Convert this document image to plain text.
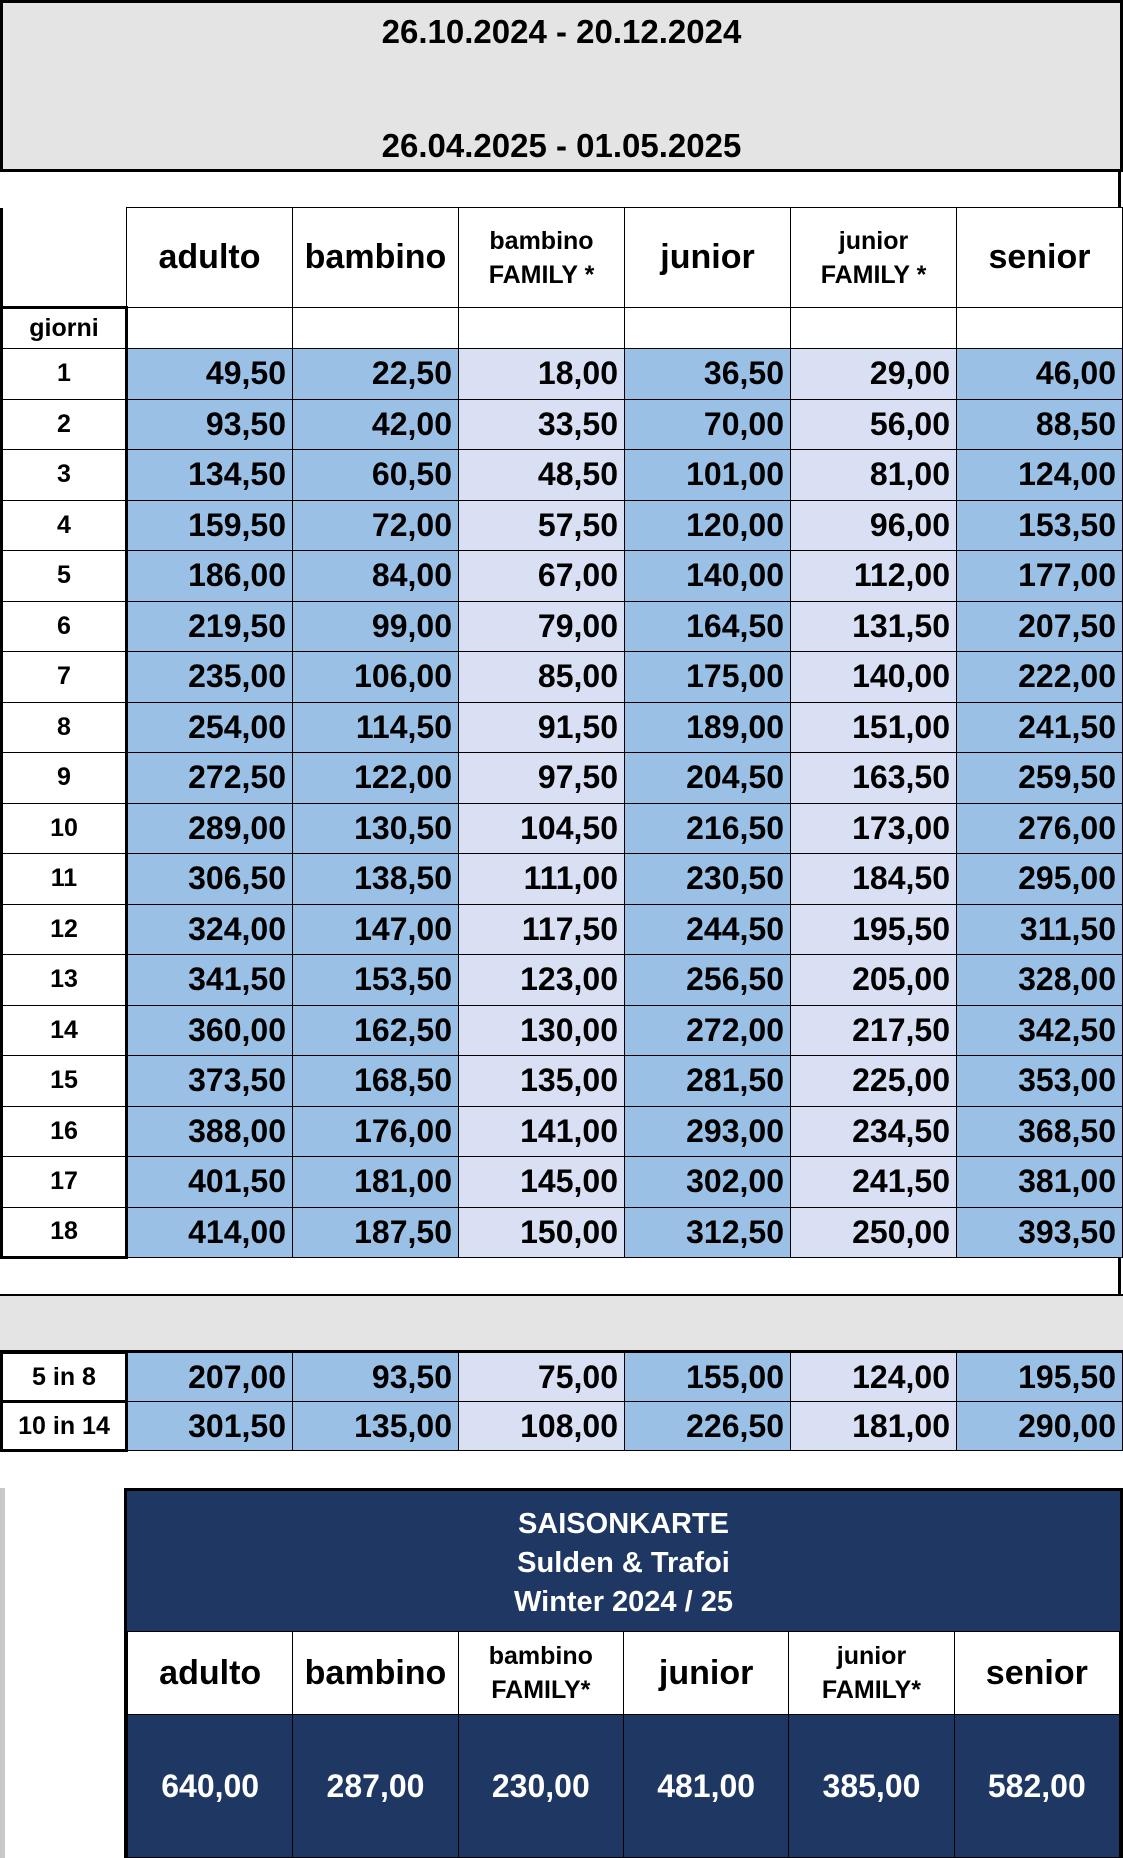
26.10.2024 - 20.12.2024
26.04.2025 - 01.05.2025
	adulto	bambino	bambino FAMILY *	junior	junior FAMILY *	senior
giorni						
1	49,50	22,50	18,00	36,50	29,00	46,00
2	93,50	42,00	33,50	70,00	56,00	88,50
3	134,50	60,50	48,50	101,00	81,00	124,00
4	159,50	72,00	57,50	120,00	96,00	153,50
5	186,00	84,00	67,00	140,00	112,00	177,00
6	219,50	99,00	79,00	164,50	131,50	207,50
7	235,00	106,00	85,00	175,00	140,00	222,00
8	254,00	114,50	91,50	189,00	151,00	241,50
9	272,50	122,00	97,50	204,50	163,50	259,50
10	289,00	130,50	104,50	216,50	173,00	276,00
11	306,50	138,50	111,00	230,50	184,50	295,00
12	324,00	147,00	117,50	244,50	195,50	311,50
13	341,50	153,50	123,00	256,50	205,00	328,00
14	360,00	162,50	130,00	272,00	217,50	342,50
15	373,50	168,50	135,00	281,50	225,00	353,00
16	388,00	176,00	141,00	293,00	234,50	368,50
17	401,50	181,00	145,00	302,00	241,50	381,00
18	414,00	187,50	150,00	312,50	250,00	393,50
5 in 8	207,00	93,50	75,00	155,00	124,00	195,50
10 in 14	301,50	135,00	108,00	226,50	181,00	290,00
SAISONKARTE
Sulden & Trafoi
Winter 2024 / 25
adulto	bambino	bambino FAMILY*	junior	junior FAMILY*	senior
640,00	287,00	230,00	481,00	385,00	582,00
